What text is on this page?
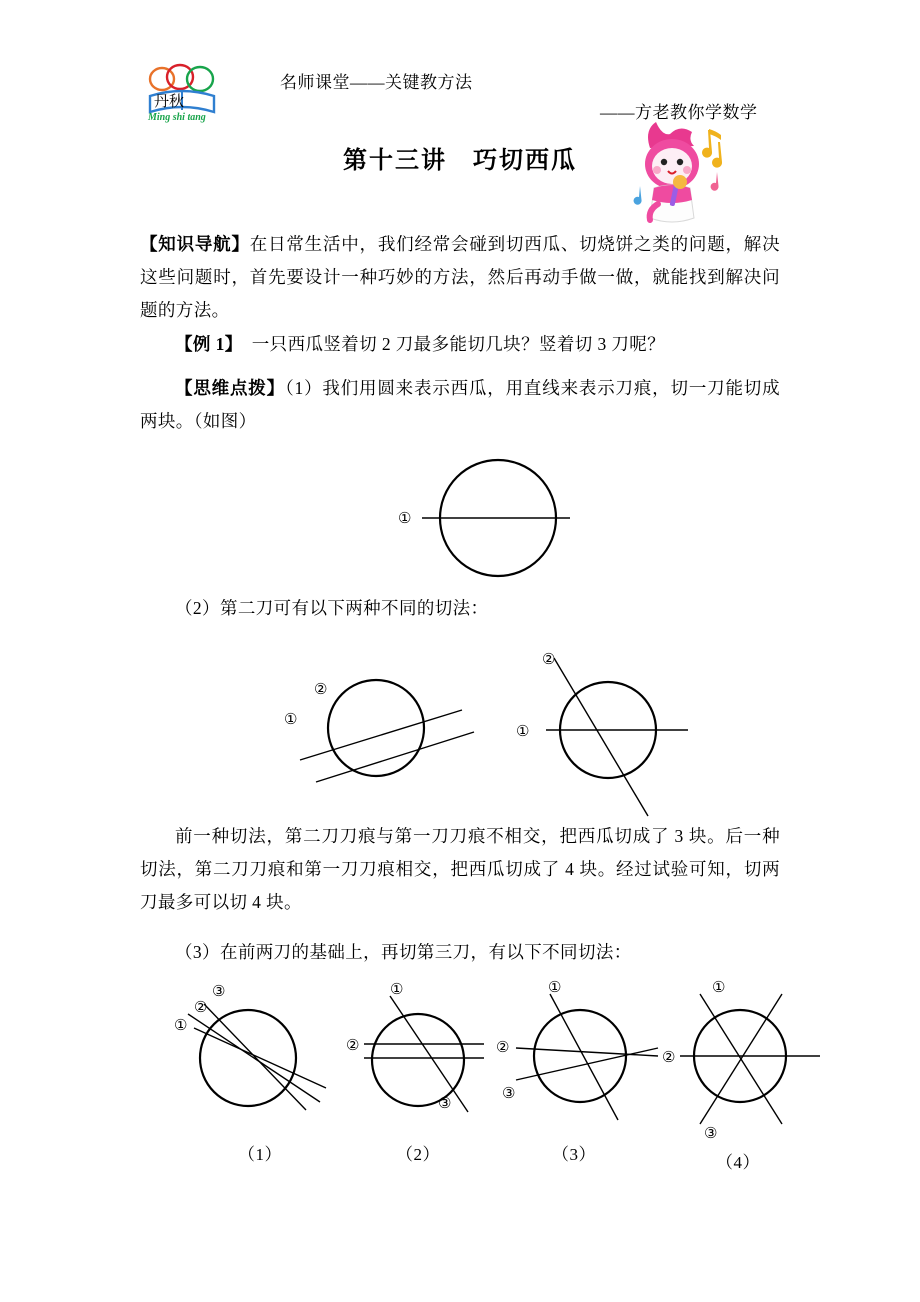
丹秋
Ming shi tang
名师课堂——关键教方法
——方老教你学数学
第十三讲　巧切西瓜
【知识导航】在日常生活中，我们经常会碰到切西瓜、切烧饼之类的问题，解决这些问题时，首先要设计一种巧妙的方法，然后再动手做一做，就能找到解决问题的方法。
【例 1】　 一只西瓜竖着切 2 刀最多能切几块？竖着切 3 刀呢？
【思维点拨】（1）我们用圆来表示西瓜，用直线来表示刀痕，切一刀能切成两块。（如图）
①
（2）第二刀可有以下两种不同的切法：
②
①
②
①
前一种切法，第二刀刀痕与第一刀刀痕不相交，把西瓜切成了 3 块。后一种切法，第二刀刀痕和第一刀刀痕相交，把西瓜切成了 4 块。经过试验可知，切两刀最多可以切 4 块。
（3）在前两刀的基础上，再切第三刀，有以下不同切法：
③
②
①
①
②
③
①
②
③
①
②
③
（1）	（2）	（3）	（4）
